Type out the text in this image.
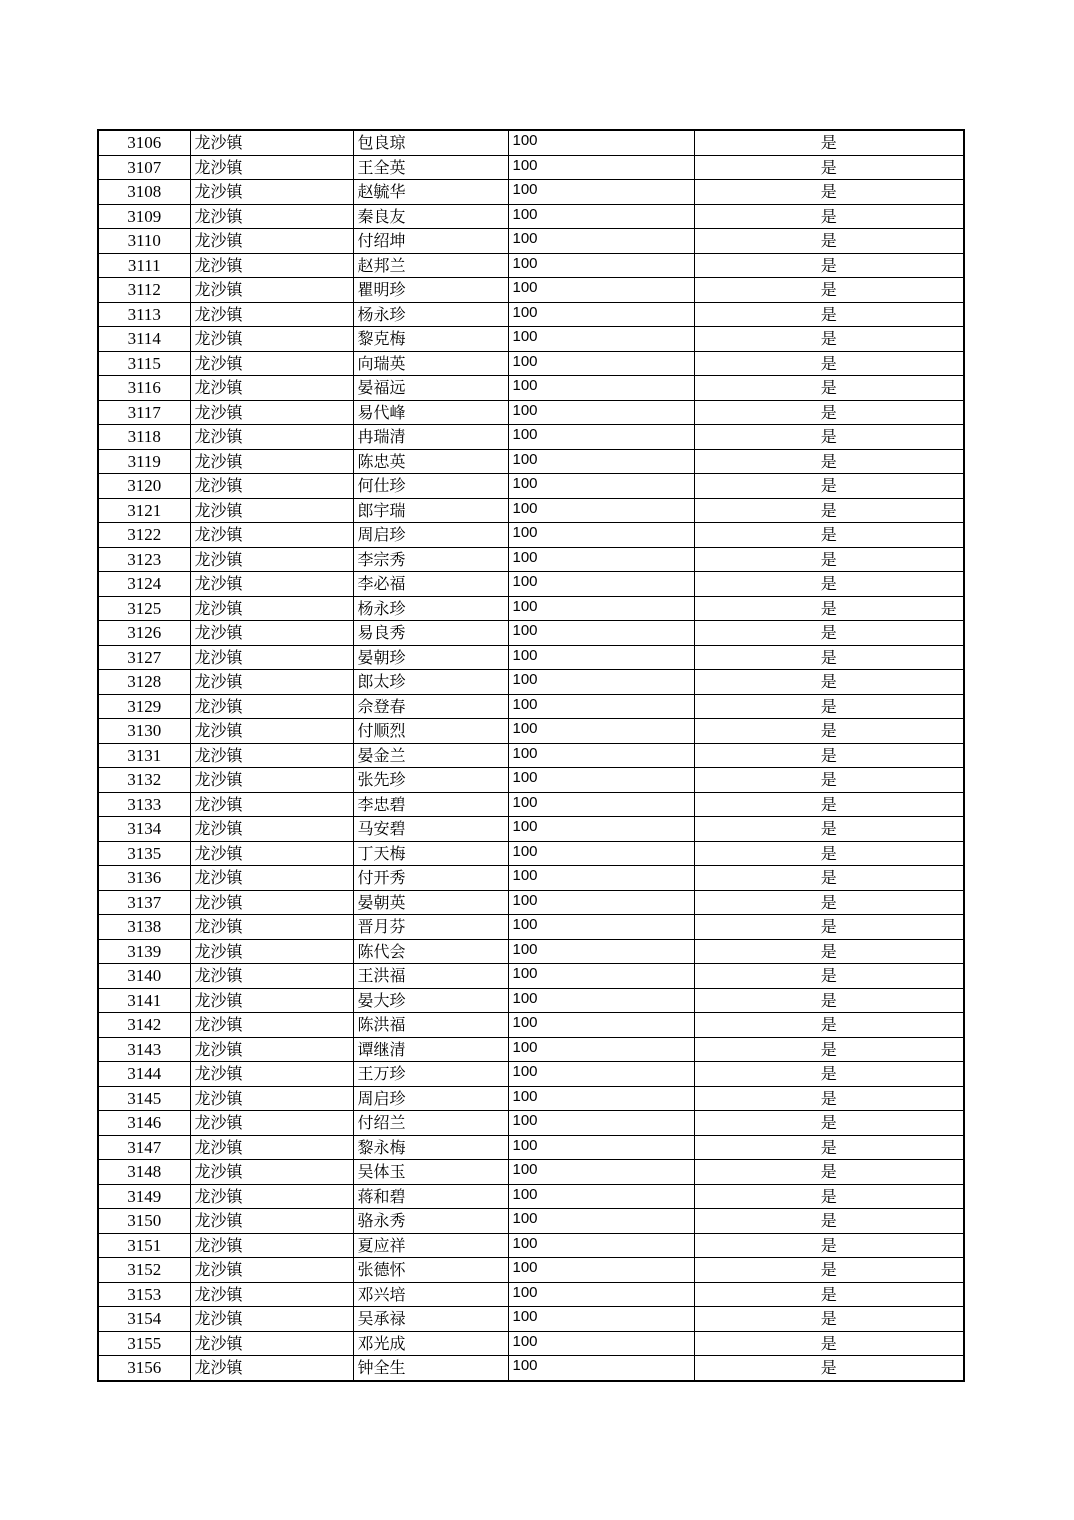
3106	龙沙镇	包良琼	100	是
3107	龙沙镇	王全英	100	是
3108	龙沙镇	赵毓华	100	是
3109	龙沙镇	秦良友	100	是
3110	龙沙镇	付绍坤	100	是
3111	龙沙镇	赵邦兰	100	是
3112	龙沙镇	瞿明珍	100	是
3113	龙沙镇	杨永珍	100	是
3114	龙沙镇	黎克梅	100	是
3115	龙沙镇	向瑞英	100	是
3116	龙沙镇	晏福远	100	是
3117	龙沙镇	易代峰	100	是
3118	龙沙镇	冉瑞清	100	是
3119	龙沙镇	陈忠英	100	是
3120	龙沙镇	何仕珍	100	是
3121	龙沙镇	郎宇瑞	100	是
3122	龙沙镇	周启珍	100	是
3123	龙沙镇	李宗秀	100	是
3124	龙沙镇	李必福	100	是
3125	龙沙镇	杨永珍	100	是
3126	龙沙镇	易良秀	100	是
3127	龙沙镇	晏朝珍	100	是
3128	龙沙镇	郎太珍	100	是
3129	龙沙镇	佘登春	100	是
3130	龙沙镇	付顺烈	100	是
3131	龙沙镇	晏金兰	100	是
3132	龙沙镇	张先珍	100	是
3133	龙沙镇	李忠碧	100	是
3134	龙沙镇	马安碧	100	是
3135	龙沙镇	丁天梅	100	是
3136	龙沙镇	付开秀	100	是
3137	龙沙镇	晏朝英	100	是
3138	龙沙镇	晋月芬	100	是
3139	龙沙镇	陈代会	100	是
3140	龙沙镇	王洪福	100	是
3141	龙沙镇	晏大珍	100	是
3142	龙沙镇	陈洪福	100	是
3143	龙沙镇	谭继清	100	是
3144	龙沙镇	王万珍	100	是
3145	龙沙镇	周启珍	100	是
3146	龙沙镇	付绍兰	100	是
3147	龙沙镇	黎永梅	100	是
3148	龙沙镇	吴体玉	100	是
3149	龙沙镇	蒋和碧	100	是
3150	龙沙镇	骆永秀	100	是
3151	龙沙镇	夏应祥	100	是
3152	龙沙镇	张德怀	100	是
3153	龙沙镇	邓兴培	100	是
3154	龙沙镇	吴承禄	100	是
3155	龙沙镇	邓光成	100	是
3156	龙沙镇	钟全生	100	是
